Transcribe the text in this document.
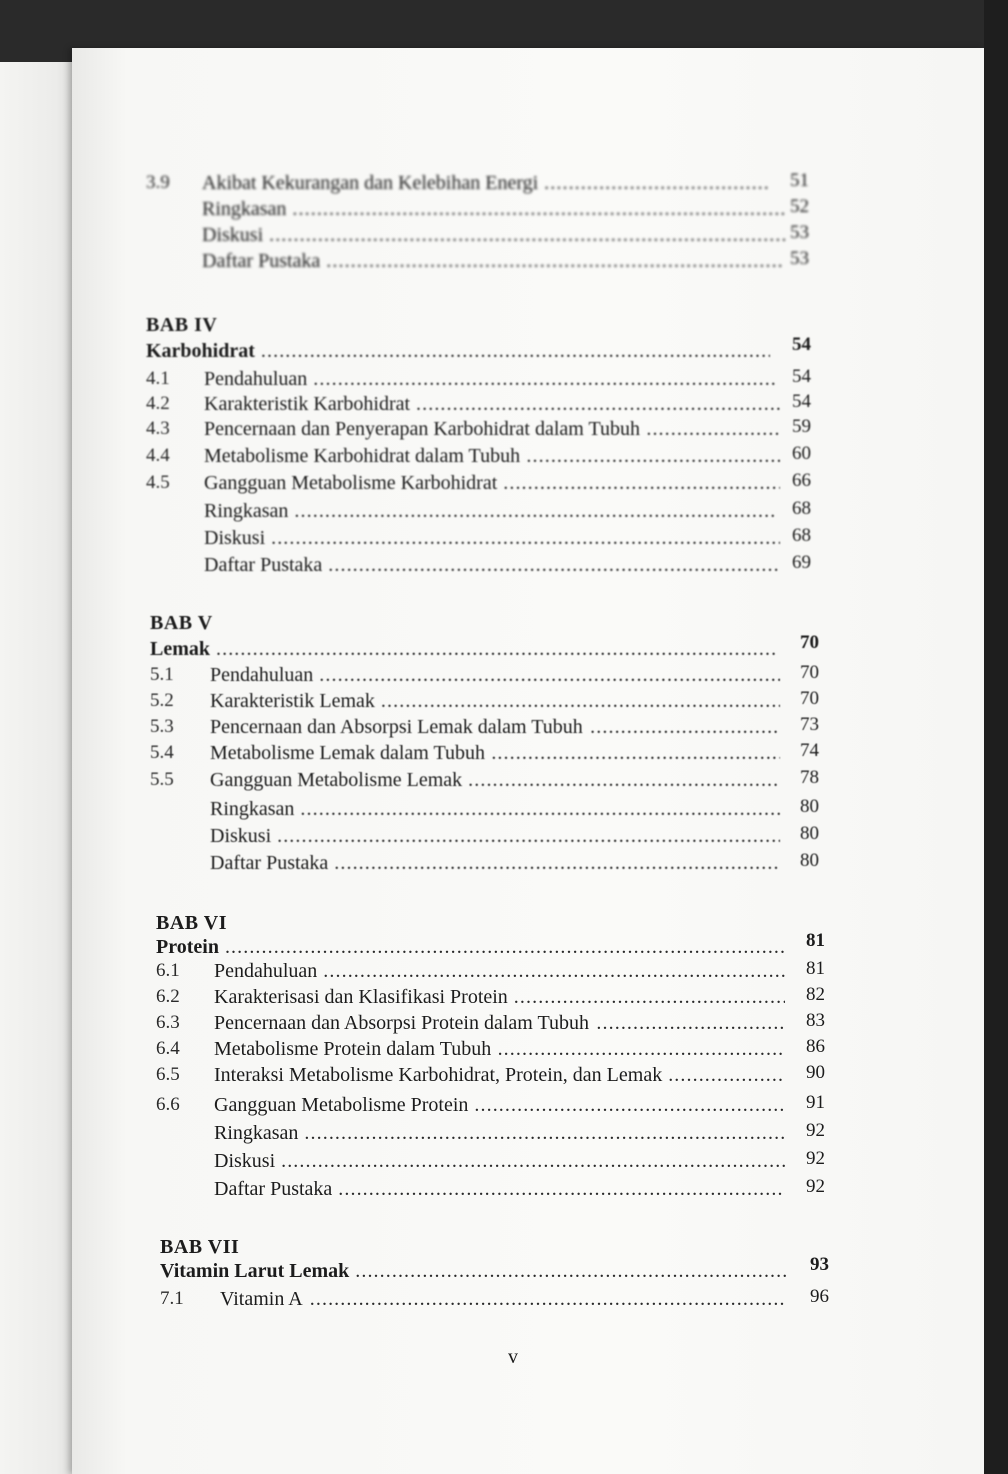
3.9 Akibat Kekurangan dan Kelebihan Energi .....	51
Ringkasan .....	52
Diskusi .....	53
Daftar Pustaka .....	53
BAB IV
Karbohidrat .....	54
4.1 Pendahuluan .....	54
4.2 Karakteristik Karbohidrat .....	54
4.3 Pencernaan dan Penyerapan Karbohidrat dalam Tubuh .....	59
4.4 Metabolisme Karbohidrat dalam Tubuh .....	60
4.5 Gangguan Metabolisme Karbohidrat .....	66
Ringkasan .....	68
Diskusi .....	68
Daftar Pustaka .....	69
BAB V
Lemak .....	70
5.1 Pendahuluan .....	70
5.2 Karakteristik Lemak .....	70
5.3 Pencernaan dan Absorpsi Lemak dalam Tubuh .....	73
5.4 Metabolisme Lemak dalam Tubuh .....	74
5.5 Gangguan Metabolisme Lemak .....	78
Ringkasan .....	80
Diskusi .....	80
Daftar Pustaka .....	80
BAB VI
Protein .....	81
6.1 Pendahuluan .....	81
6.2 Karakterisasi dan Klasifikasi Protein .....	82
6.3 Pencernaan dan Absorpsi Protein dalam Tubuh .....	83
6.4 Metabolisme Protein dalam Tubuh .....	86
6.5 Interaksi Metabolisme Karbohidrat, Protein, dan Lemak .....	90
6.6 Gangguan Metabolisme Protein .....	91
Ringkasan .....	92
Diskusi .....	92
Daftar Pustaka .....	92
BAB VII
Vitamin Larut Lemak .....	93
7.1 Vitamin A .....	96
v
